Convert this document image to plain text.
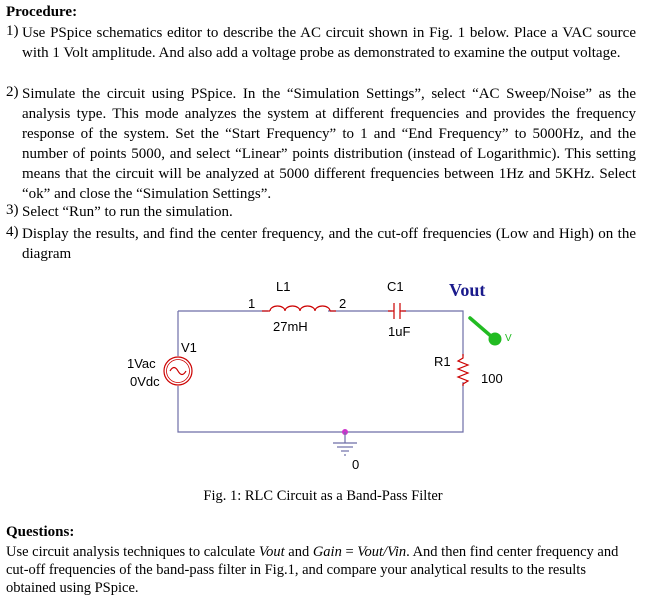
Procedure:
1) Use PSpice schematics editor to describe the AC circuit shown in Fig. 1 below. Place a VAC source with 1 Volt amplitude. And also add a voltage probe as demonstrated to examine the output voltage.
2) Simulate the circuit using PSpice. In the “Simulation Settings”, select “AC Sweep/Noise” as the analysis type. This mode analyzes the system at different frequencies and provides the frequency response of the system. Set the “Start Frequency” to 1 and “End Frequency” to 5000Hz, and the number of points 5000, and select “Linear” points distribution (instead of Logarithmic). This setting means that the circuit will be analyzed at 5000 different frequencies between 1Hz and 5KHz. Select “ok” and close the “Simulation Settings”.
3) Select “Run” to run the simulation.
4) Display the results, and find the center frequency, and the cut-off frequencies (Low and High) on the diagram
L1
27mH
1	2
C1
1uF
Vout
V
R1
100
V1
1Vac
0Vdc
0
Fig. 1: RLC Circuit as a Band-Pass Filter
Questions:
Use circuit analysis techniques to calculate Vout and Gain = Vout/Vin. And then find center frequency and cut-off frequencies of the band-pass filter in Fig.1, and compare your analytical results to the results obtained using PSpice.
